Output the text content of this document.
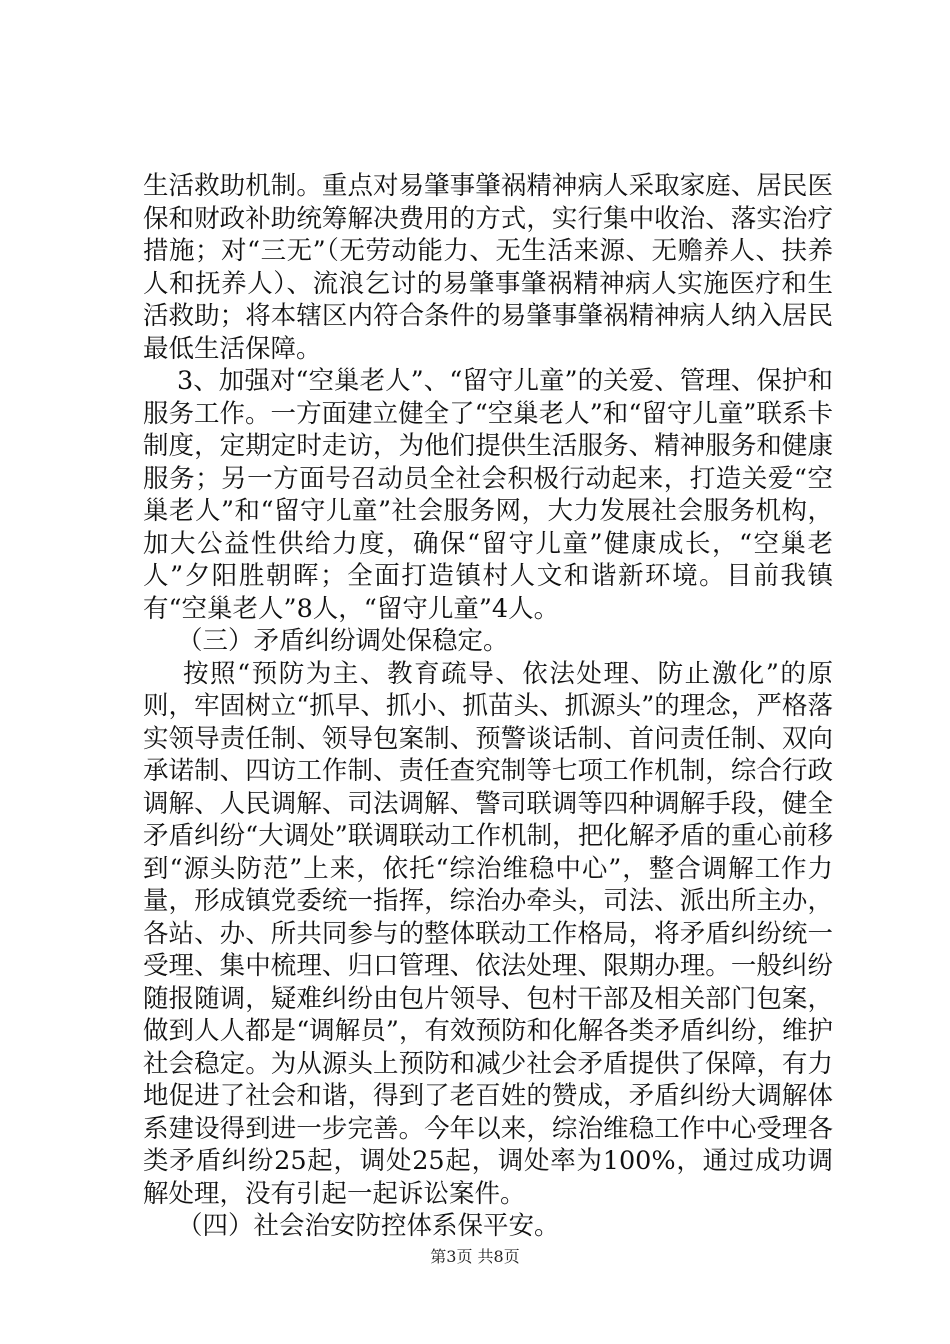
生活救助机制。重点对易肇事肇祸精神病人采取家庭、居民医保和财政补助统筹解决费用的方式，实行集中收治、落实治疗措施；对“三无”（无劳动能力、无生活来源、无赡养人、扶养人和抚养人）、流浪乞讨的易肇事肇祸精神病人实施医疗和生活救助；将本辖区内符合条件的易肇事肇祸精神病人纳入居民最低生活保障。

3、加强对“空巢老人”、“留守儿童”的关爱、管理、保护和服务工作。一方面建立健全了“空巢老人”和“留守儿童”联系卡制度，定期定时走访，为他们提供生活服务、精神服务和健康服务；另一方面号召动员全社会积极行动起来，打造关爱“空巢老人”和“留守儿童”社会服务网，大力发展社会服务机构，加大公益性供给力度，确保“留守儿童”健康成长，“空巢老人”夕阳胜朝晖；全面打造镇村人文和谐新环境。目前我镇有“空巢老人”8人，“留守儿童”4人。

（三）矛盾纠纷调处保稳定。

按照“预防为主、教育疏导、依法处理、防止激化”的原则，牢固树立“抓早、抓小、抓苗头、抓源头”的理念，严格落实领导责任制、领导包案制、预警谈话制、首问责任制、双向承诺制、四访工作制、责任查究制等七项工作机制，综合行政调解、人民调解、司法调解、警司联调等四种调解手段，健全矛盾纠纷“大调处”联调联动工作机制，把化解矛盾的重心前移到“源头防范”上来，依托“综治维稳中心”，整合调解工作力量，形成镇党委统一指挥，综治办牵头，司法、派出所主办，各站、办、所共同参与的整体联动工作格局，将矛盾纠纷统一受理、集中梳理、归口管理、依法处理、限期办理。一般纠纷随报随调，疑难纠纷由包片领导、包村干部及相关部门包案，做到人人都是“调解员”，有效预防和化解各类矛盾纠纷，维护社会稳定。为从源头上预防和减少社会矛盾提供了保障，有力地促进了社会和谐，得到了老百姓的赞成，矛盾纠纷大调解体系建设得到进一步完善。今年以来，综治维稳工作中心受理各类矛盾纠纷25起，调处25起，调处率为100%，通过成功调解处理，没有引起一起诉讼案件。

（四）社会治安防控体系保平安。

第3页 共8页
